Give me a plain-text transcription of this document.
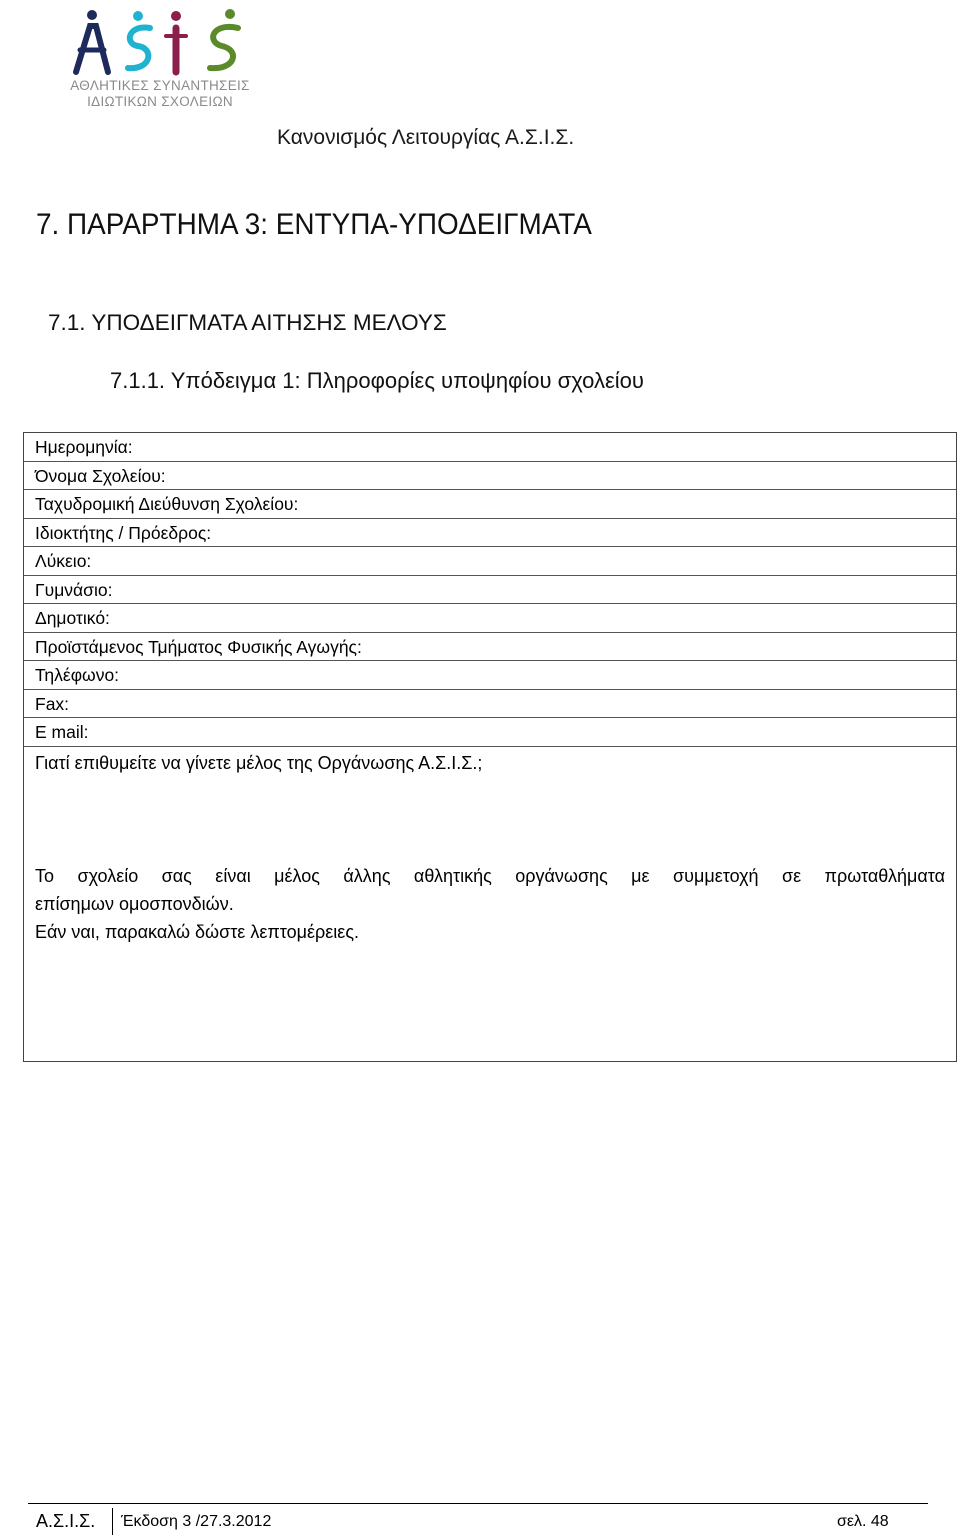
ΑΘΛΗΤΙΚΕΣ ΣΥΝΑΝΤΗΣΕΙΣ
ΙΔΙΩΤΙΚΩΝ ΣΧΟΛΕΙΩΝ
Κανονισμός Λειτουργίας Α.Σ.Ι.Σ.
7. ΠΑΡΑΡΤΗΜΑ 3: ΕΝΤΥΠΑ-ΥΠΟΔΕΙΓΜΑΤΑ
7.1. ΥΠΟΔΕΙΓΜΑΤΑ ΑΙΤΗΣΗΣ ΜΕΛΟΥΣ
7.1.1. Υπόδειγμα 1: Πληροφορίες υποψηφίου σχολείου
Ημερομηνία:
Όνομα Σχολείου:
Ταχυδρομική Διεύθυνση Σχολείου:
Ιδιοκτήτης / Πρόεδρος:
Λύκειο:
Γυμνάσιο:
Δημοτικό:
Προϊστάμενος Τμήματος Φυσικής Αγωγής:
Τηλέφωνο:
Fax:
E mail:
Γιατί επιθυμείτε να γίνετε μέλος της Οργάνωσης Α.Σ.Ι.Σ.;
Το σχολείο σας είναι μέλος άλλης αθλητικής οργάνωσης με συμμετοχή σε πρωταθλήματα
επίσημων ομοσπονδιών.
Εάν ναι, παρακαλώ δώστε λεπτομέρειες.
Α.Σ.Ι.Σ. Έκδοση 3 /27.3.2012	σελ. 48
